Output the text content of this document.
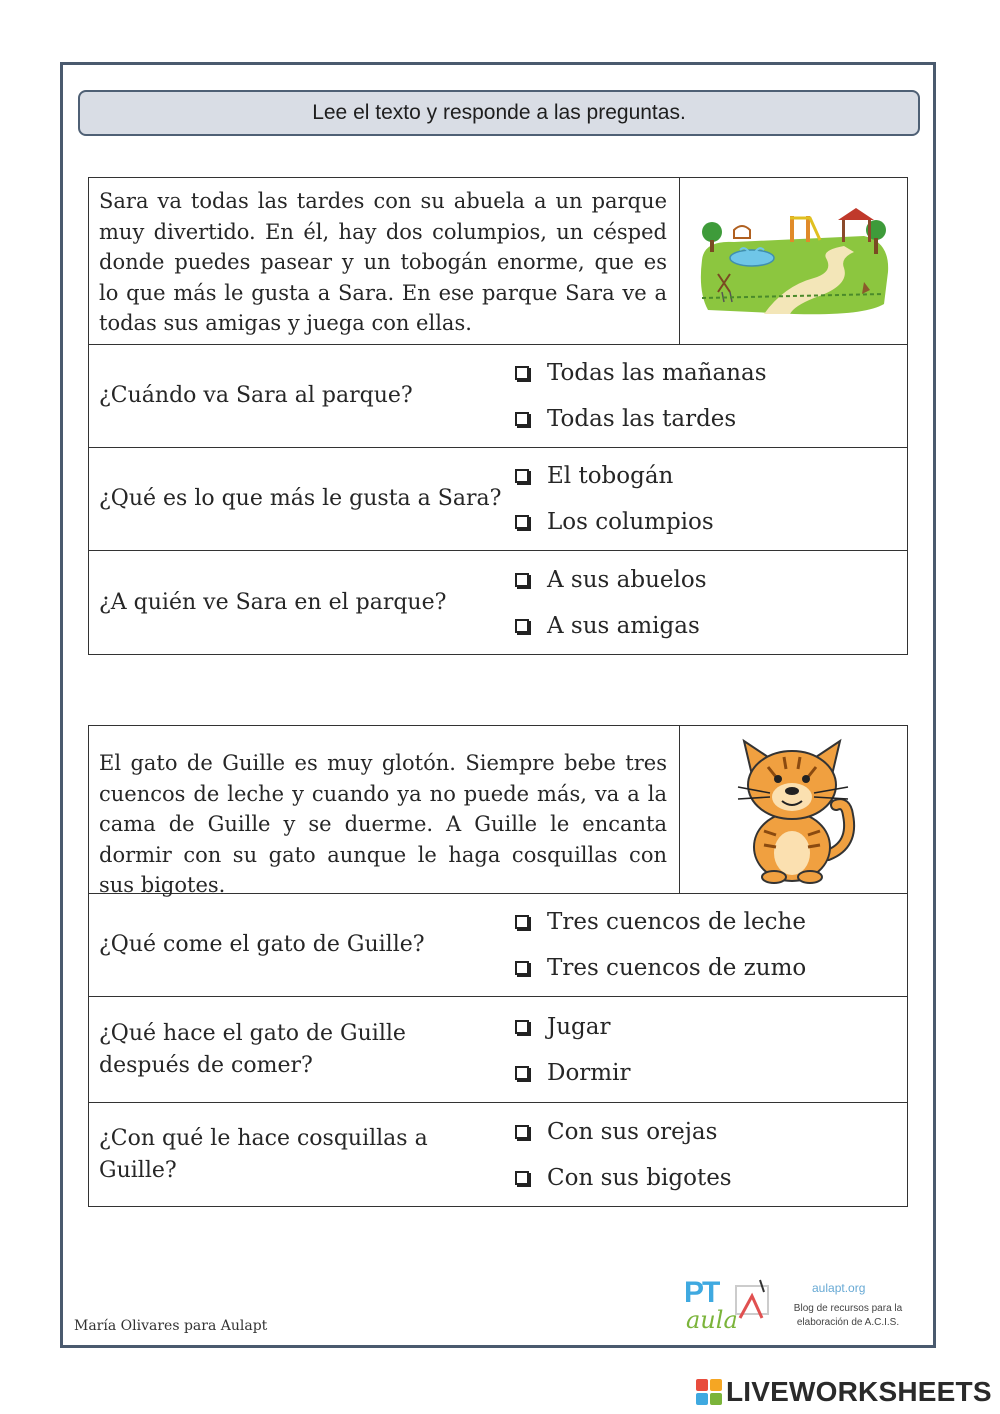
Lee el texto y responde a las preguntas.
Sara va todas las tardes con su abuela a un parque muy divertido. En él, hay dos columpios, un césped donde puedes pasear y un tobogán enorme, que es lo que más le gusta a Sara. En ese parque Sara ve a todas sus amigas y juega con ellas.
¿Cuándo va Sara al parque?
Todas las mañanas
Todas las tardes
¿Qué es lo que más le gusta a Sara?
El tobogán
Los columpios
¿A quién ve Sara en el parque?
A sus abuelos
A sus amigas
El gato de Guille es muy glotón. Siempre bebe tres cuencos de leche y cuando ya no puede más, va a la cama de Guille y se duerme. A Guille le encanta dormir con su gato aunque le haga cosquillas con sus bigotes.
¿Qué come el gato de Guille?
Tres cuencos de leche
Tres cuencos de zumo
¿Qué hace el gato de Guille
después de comer?
Jugar
Dormir
¿Con qué le hace cosquillas a Guille?
Con sus orejas
Con sus bigotes
María Olivares para Aulapt
PT
aula
aulapt.org
Blog de recursos para la elaboración de A.C.I.S.
LIVEWORKSHEETS
